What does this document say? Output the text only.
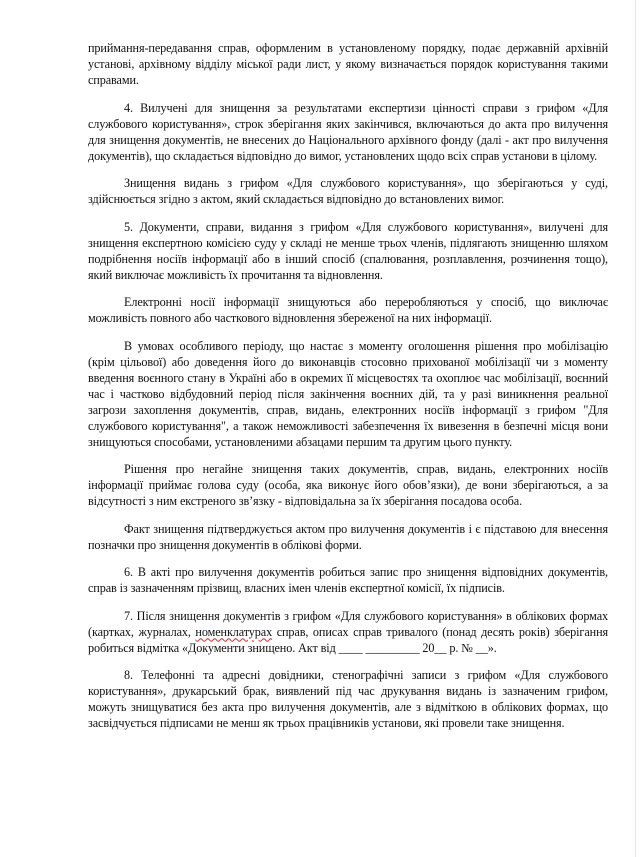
приймання-передавання справ, оформленим в установленому порядку, подає державній архівній установі, архівному відділу міської ради лист, у якому визначається порядок користування такими справами.

4. Вилучені для знищення за результатами експертизи цінності справи з грифом «Для службового користування», строк зберігання яких закінчився, включаються до акта про вилучення для знищення документів, не внесених до Національного архівного фонду (далі - акт про вилучення документів), що складається відповідно до вимог, установлених щодо всіх справ установи в цілому.

Знищення видань з грифом «Для службового користування», що зберігаються у суді, здійснюється згідно з актом, який складається відповідно до встановлених вимог.

5. Документи, справи, видання з грифом «Для службового користування», вилучені для знищення експертною комісією суду у складі не менше трьох членів, підлягають знищенню шляхом подрібнення носіїв інформації або в інший спосіб (спалювання, розплавлення, розчинення тощо), який виключає можливість їх прочитання та відновлення.

Електронні носії інформації знищуються або переробляються у спосіб, що виключає можливість повного або часткового відновлення збереженої на них інформації.

В умовах особливого періоду, що настає з моменту оголошення рішення про мобілізацію (крім цільової) або доведення його до виконавців стосовно прихованої мобілізації чи з моменту введення воєнного стану в Україні або в окремих її місцевостях та охоплює час мобілізації, воєнний час і частково відбудовний період після закінчення воєнних дій, та у разі виникнення реальної загрози захоплення документів, справ, видань, електронних носіїв інформації з грифом "Для службового користування", а також неможливості забезпечення їх вивезення в безпечні місця вони знищуються способами, установленими абзацами першим та другим цього пункту.

Рішення про негайне знищення таких документів, справ, видань, електронних носіїв інформації приймає голова суду (особа, яка виконує його обов’язки), де вони зберігаються, а за відсутності з ним екстреного зв’язку - відповідальна за їх зберігання посадова особа.

Факт знищення підтверджується актом про вилучення документів і є підставою для внесення позначки про знищення документів в облікові форми.

6. В акті про вилучення документів робиться запис про знищення відповідних документів, справ із зазначенням прізвищ, власних імен членів експертної комісії, їх підписів.

7. Після знищення документів з грифом «Для службового користування» в облікових формах (картках, журналах, номенклатурах справ, описах справ тривалого (понад десять років) зберігання робиться відмітка «Документи знищено. Акт від ____ _________ 20__ р. № __».

8. Телефонні та адресні довідники, стенографічні записи з грифом «Для службового користування», друкарський брак, виявлений під час друкування видань із зазначеним грифом, можуть знищуватися без акта про вилучення документів, але з відміткою в облікових формах, що засвідчується підписами не менш як трьох працівників установи, які провели таке знищення.
